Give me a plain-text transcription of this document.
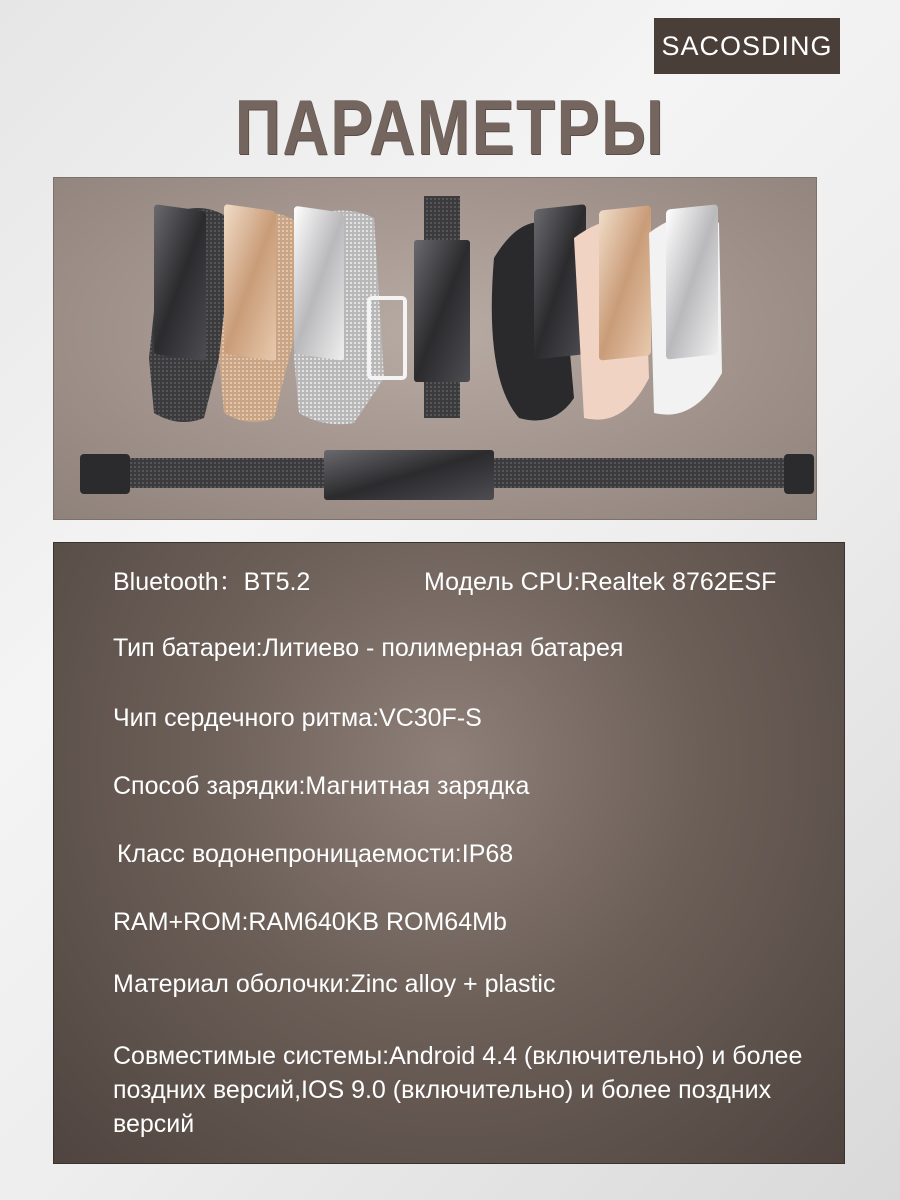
SACOSDING
ПАРАМЕТРЫ
Bluetooth：BT5.2	Модель CPU:Realtek 8762ESF
Тип батареи:Литиево - полимерная батарея
Чип сердечного ритма:VC30F-S
Способ зарядки:Магнитная зарядка
Класс водонепроницаемости:IP68
RAM+ROM:RAM640KB ROM64Mb
Материал оболочки:Zinc alloy + plastic
Совместимые системы:Android 4.4 (включительно) и более поздних версий,IOS 9.0 (включительно) и более поздних версий
